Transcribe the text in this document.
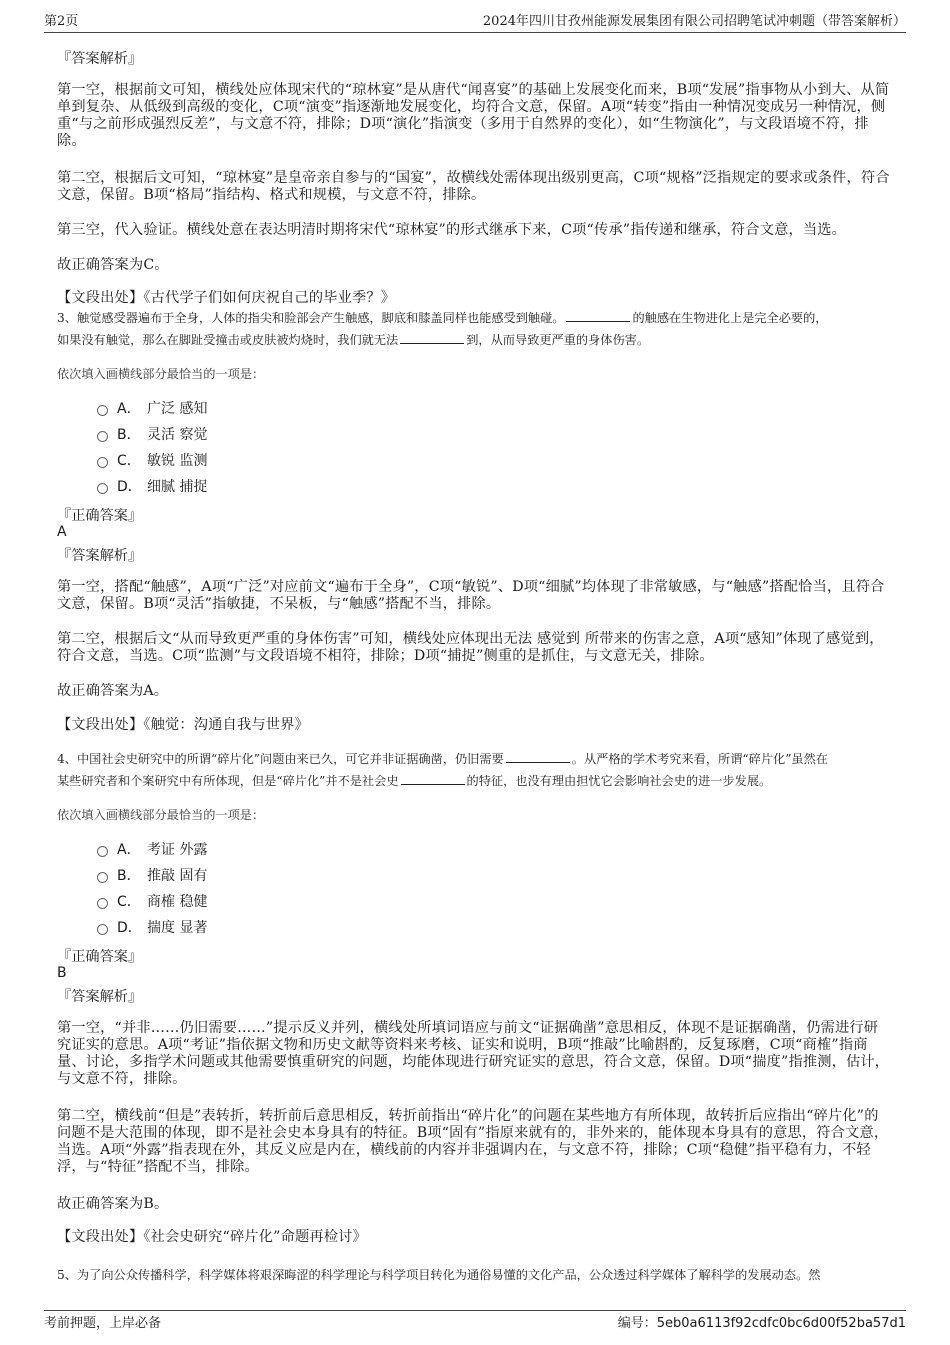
第2页	2024年四川甘孜州能源发展集团有限公司招聘笔试冲刺题（带答案解析）
『答案解析』
第一空，根据前文可知，横线处应体现宋代的“琼林宴”是从唐代“闻喜宴”的基础上发展变化而来，B项“发展”指事物从小到大、从简单到复杂、从低级到高级的变化，C项“演变”指逐渐地发展变化，均符合文意，保留。A项“转变”指由一种情况变成另一种情况，侧重“与之前形成强烈反差”，与文意不符，排除；D项“演化”指演变（多用于自然界的变化），如“生物演化”，与文段语境不符，排除。
第二空，根据后文可知，“琼林宴”是皇帝亲自参与的“国宴”，故横线处需体现出级别更高，C项“规格”泛指规定的要求或条件，符合文意，保留。B项“格局”指结构、格式和规模，与文意不符，排除。
第三空，代入验证。横线处意在表达明清时期将宋代“琼林宴”的形式继承下来，C项“传承”指传递和继承，符合文意，当选。
故正确答案为C。
【文段出处】《古代学子们如何庆祝自己的毕业季？》
3、触觉感受器遍布于全身，人体的指尖和脸部会产生触感，脚底和膝盖同样也能感受到触碰。	的触感在生物进化上是完全必要的，
如果没有触觉，那么在脚趾受撞击或皮肤被灼烧时，我们就无法	到，从而导致更严重的身体伤害。
依次填入画横线部分最恰当的一项是：
A． 广泛 感知
B． 灵活 察觉
C． 敏锐 监测
D． 细腻 捕捉
『正确答案』
A
『答案解析』
第一空，搭配“触感”，A项“广泛”对应前文“遍布于全身”，C项“敏锐”、D项“细腻”均体现了非常敏感，与“触感”搭配恰当，且符合文意，保留。B项“灵活”指敏捷，不呆板，与“触感”搭配不当，排除。
第二空，根据后文“从而导致更严重的身体伤害”可知，横线处应体现出无法 感觉到 所带来的伤害之意，A项“感知”体现了感觉到，符合文意，当选。C项“监测”与文段语境不相符，排除；D项“捕捉”侧重的是抓住，与文意无关，排除。
故正确答案为A。
【文段出处】《触觉：沟通自我与世界》
4、中国社会史研究中的所谓“碎片化”问题由来已久，可它并非证据确凿，仍旧需要	。从严格的学术考究来看，所谓“碎片化”虽然在
某些研究者和个案研究中有所体现，但是“碎片化”并不是社会史	的特征，也没有理由担忧它会影响社会史的进一步发展。
依次填入画横线部分最恰当的一项是：
A． 考证 外露
B． 推敲 固有
C． 商榷 稳健
D． 揣度 显著
『正确答案』
B
『答案解析』
第一空，“并非……仍旧需要……”提示反义并列，横线处所填词语应与前文“证据确凿”意思相反，体现不是证据确凿，仍需进行研究证实的意思。A项“考证”指依据文物和历史文献等资料来考核、证实和说明，B项“推敲”比喻斟酌，反复琢磨，C项“商榷”指商量、讨论，多指学术问题或其他需要慎重研究的问题，均能体现进行研究证实的意思，符合文意，保留。D项“揣度”指推测，估计，与文意不符，排除。
第二空，横线前“但是”表转折，转折前后意思相反，转折前指出“碎片化”的问题在某些地方有所体现，故转折后应指出“碎片化”的问题不是大范围的体现，即不是社会史本身具有的特征。B项“固有”指原来就有的，非外来的，能体现本身具有的意思，符合文意，当选。A项“外露”指表现在外，其反义应是内在，横线前的内容并非强调内在，与文意不符，排除；C项“稳健”指平稳有力，不轻浮，与“特征”搭配不当，排除。
故正确答案为B。
【文段出处】《社会史研究“碎片化”命题再检讨》
5、为了向公众传播科学，科学媒体将艰深晦涩的科学理论与科学项目转化为通俗易懂的文化产品，公众透过科学媒体了解科学的发展动态。然
考前押题，上岸必备	编号：5eb0a6113f92cdfc0bc6d00f52ba57d1
